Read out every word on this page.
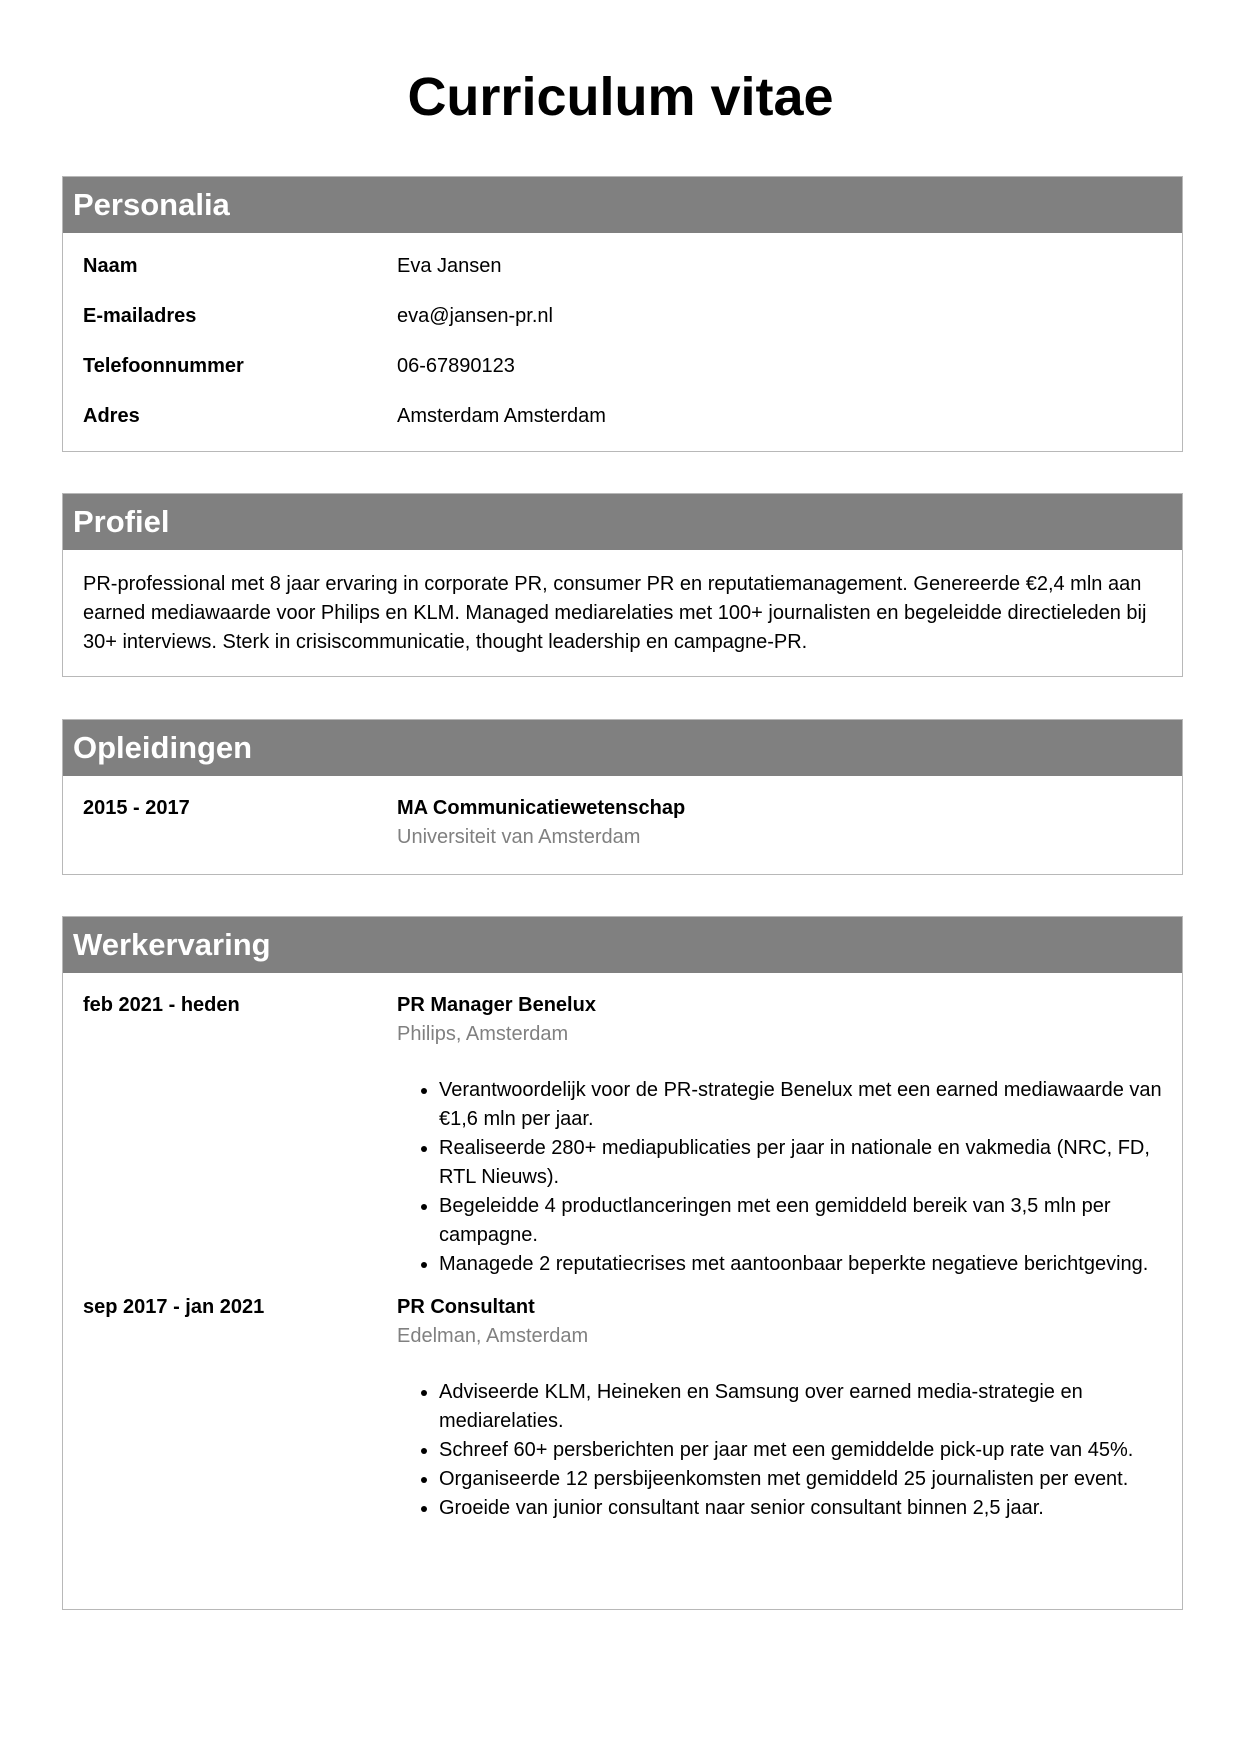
Curriculum vitae
Personalia
Naam	Eva Jansen
E-mailadres	eva@jansen-pr.nl
Telefoonnummer	06-67890123
Adres	Amsterdam Amsterdam
Profiel

PR-professional met 8 jaar ervaring in corporate PR, consumer PR en reputatiemanagement. Genereerde €2,4 mln aan earned mediawaarde voor Philips en KLM. Managed mediarelaties met 100+ journalisten en begeleidde directieleden bij 30+ interviews. Sterk in crisiscommunicatie, thought leadership en campagne-PR.

Opleidingen
2015 - 2017	MA Communicatiewetenschap
Universiteit van Amsterdam
Werkervaring
feb 2021 - heden	PR Manager Benelux
Philips, Amsterdam
• Verantwoordelijk voor de PR-strategie Benelux met een earned mediawaarde van €1,6 mln per jaar.
• Realiseerde 280+ mediapublicaties per jaar in nationale en vakmedia (NRC, FD, RTL Nieuws).
• Begeleidde 4 productlanceringen met een gemiddeld bereik van 3,5 mln per campagne.
• Managede 2 reputatiecrises met aantoonbaar beperkte negatieve berichtgeving.
sep 2017 - jan 2021	PR Consultant
Edelman, Amsterdam
• Adviseerde KLM, Heineken en Samsung over earned media-strategie en mediarelaties.
• Schreef 60+ persberichten per jaar met een gemiddelde pick-up rate van 45%.
• Organiseerde 12 persbijeenkomsten met gemiddeld 25 journalisten per event.
• Groeide van junior consultant naar senior consultant binnen 2,5 jaar.
